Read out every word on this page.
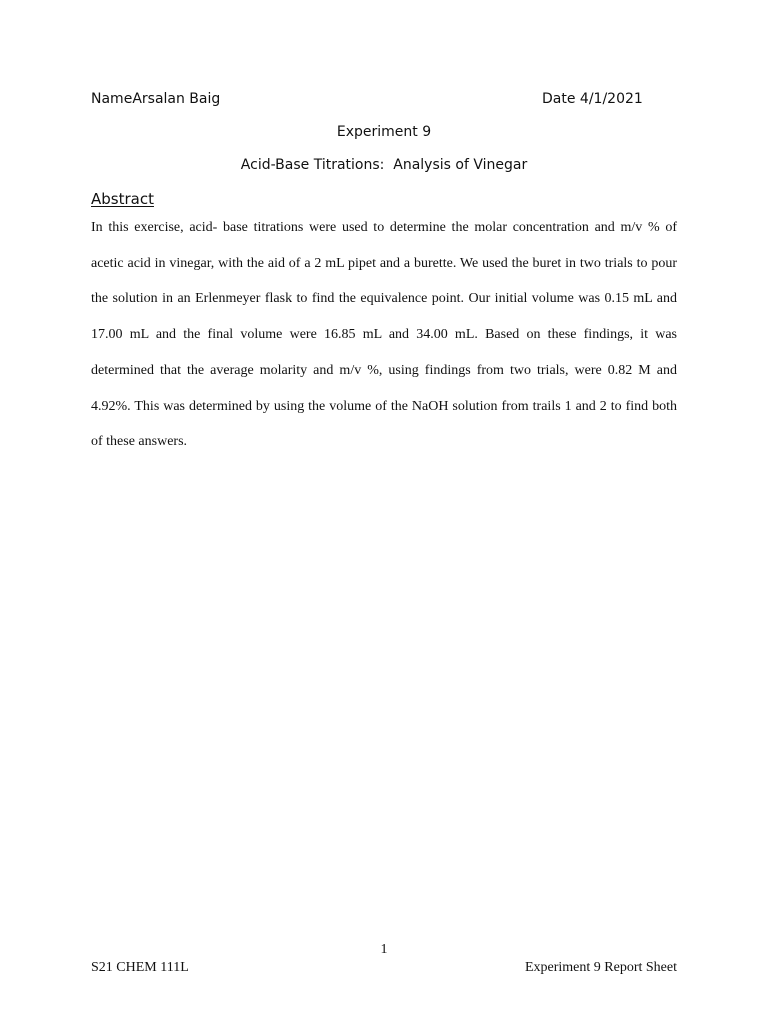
NameArsalan Baig	Date 4/1/2021
Experiment 9
Acid-Base Titrations:  Analysis of Vinegar
Abstract

In this exercise, acid- base titrations were used to determine the molar concentration and m/v % of acetic acid in vinegar, with the aid of a 2 mL pipet and a burette. We used the buret in two trials to pour the solution in an Erlenmeyer flask to find the equivalence point. Our initial volume was 0.15 mL and 17.00 mL and the final volume were 16.85 mL and 34.00 mL. Based on these findings, it was determined that the average molarity and m/v %, using findings from two trials, were 0.82 M and 4.92%. This was determined by using the volume of the NaOH solution from trails 1 and 2 to find both of these answers.

1
S21 CHEM 111L	Experiment 9 Report Sheet
